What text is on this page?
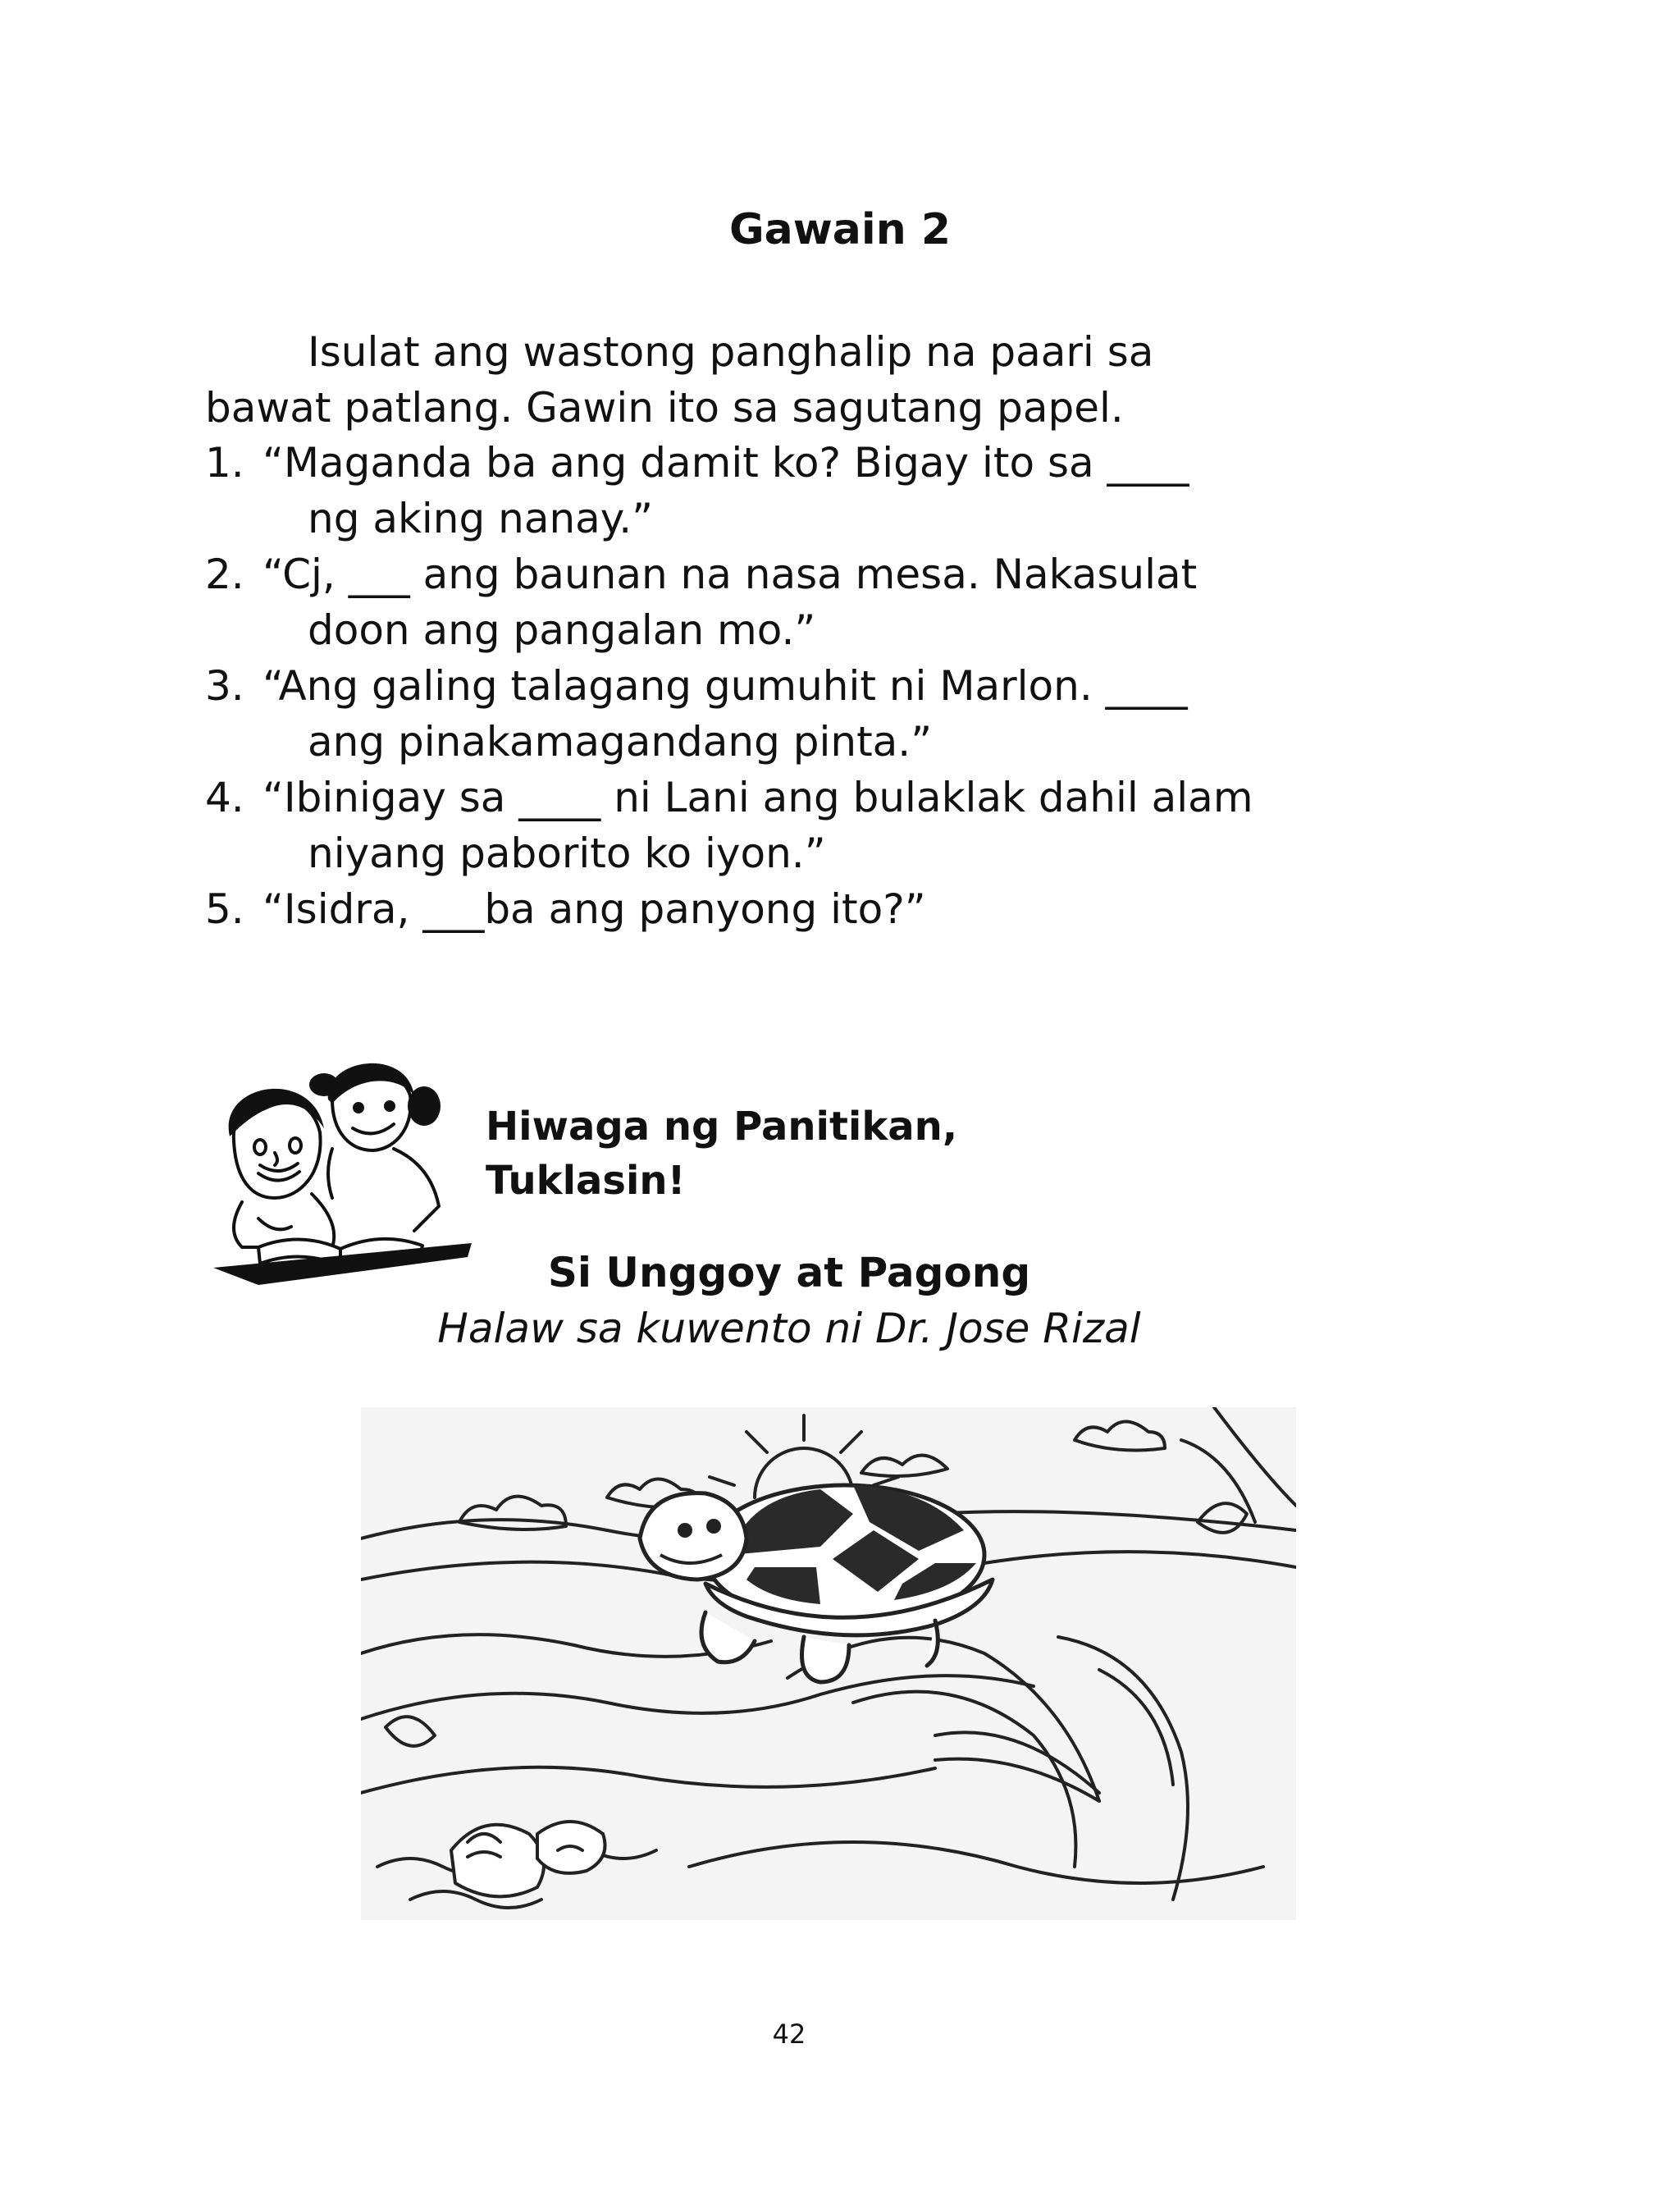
Gawain 2
Isulat ang wastong panghalip na paari sa
bawat patlang. Gawin ito sa sagutang papel.
1. “Maganda ba ang damit ko? Bigay ito sa ____
ng aking nanay.”
2. “Cj, ___ ang baunan na nasa mesa. Nakasulat
doon ang pangalan mo.”
3. “Ang galing talagang gumuhit ni Marlon. ____
ang pinakamagandang pinta.”
4. “Ibinigay sa ____ ni Lani ang bulaklak dahil alam
niyang paborito ko iyon.”
5. “Isidra, ___ba ang panyong ito?”
Hiwaga ng Panitikan,
Tuklasin!
Si Unggoy at Pagong
Halaw sa kuwento ni Dr. Jose Rizal
42
